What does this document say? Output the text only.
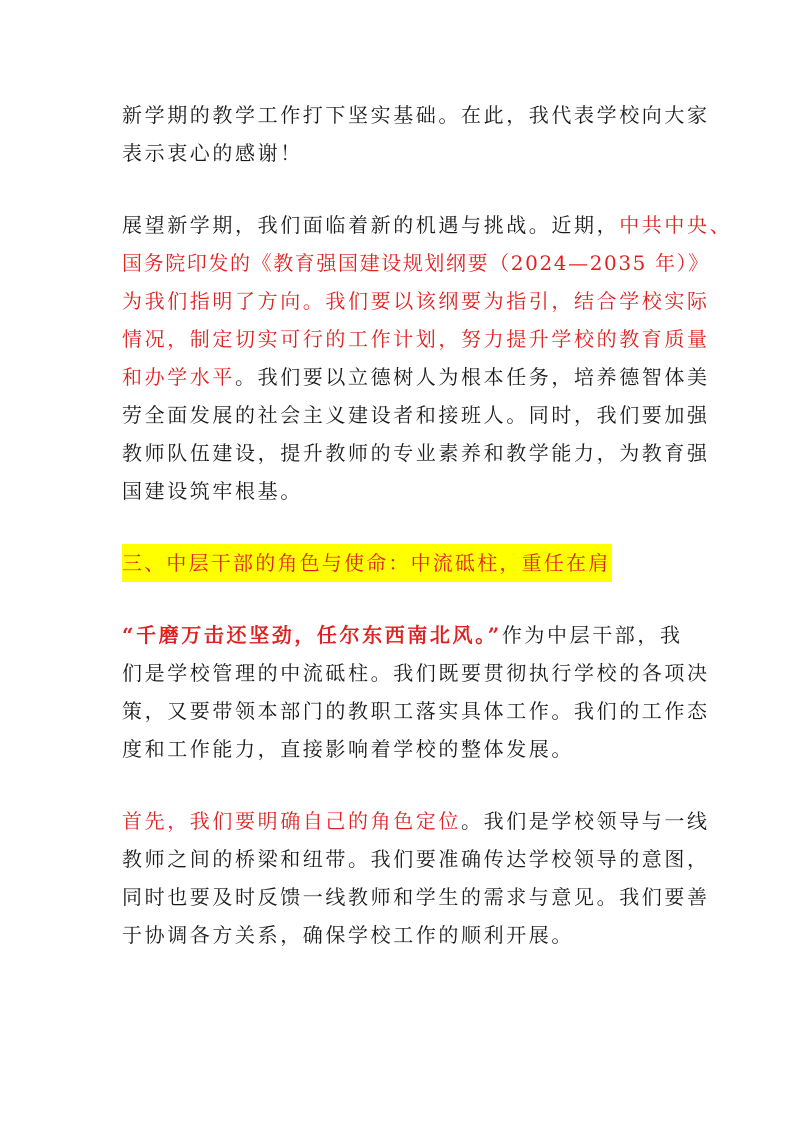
新学期的教学工作打下坚实基础。在此，我代表学校向大家
表示衷心的感谢！
展望新学期，我们面临着新的机遇与挑战。近期，中共中央、
国务院印发的《教育强国建设规划纲要（2024—2035 年）》
为我们指明了方向。我们要以该纲要为指引，结合学校实际
情况，制定切实可行的工作计划，努力提升学校的教育质量
和办学水平。我们要以立德树人为根本任务，培养德智体美
劳全面发展的社会主义建设者和接班人。同时，我们要加强
教师队伍建设，提升教师的专业素养和教学能力，为教育强
国建设筑牢根基。
三、中层干部的角色与使命：中流砥柱，重任在肩
“千磨万击还坚劲，任尔东西南北风。”作为中层干部，我
们是学校管理的中流砥柱。我们既要贯彻执行学校的各项决
策，又要带领本部门的教职工落实具体工作。我们的工作态
度和工作能力，直接影响着学校的整体发展。
首先，我们要明确自己的角色定位。我们是学校领导与一线
教师之间的桥梁和纽带。我们要准确传达学校领导的意图，
同时也要及时反馈一线教师和学生的需求与意见。我们要善
于协调各方关系，确保学校工作的顺利开展。
